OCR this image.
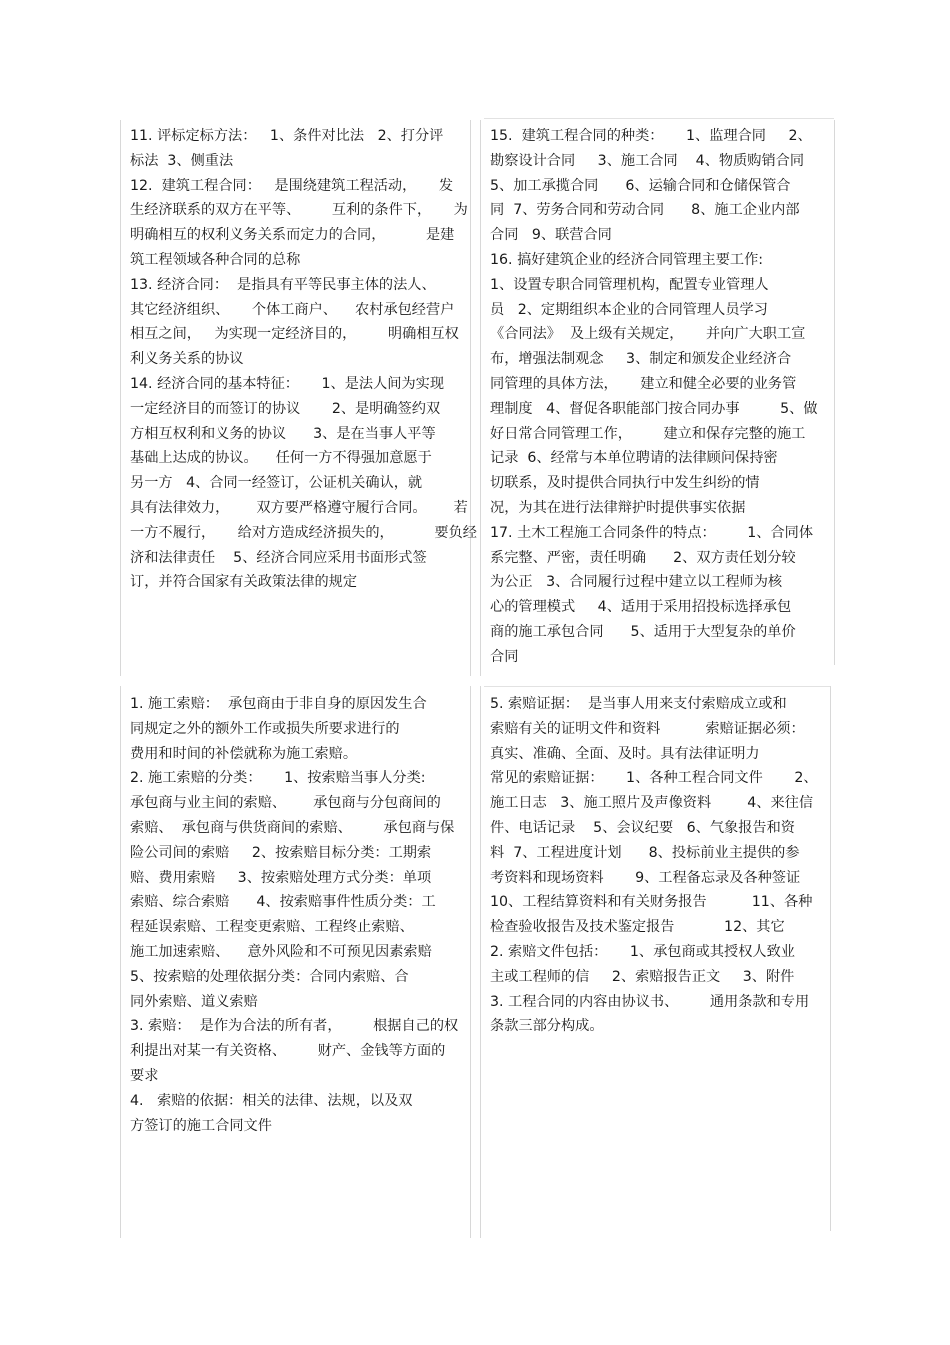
11. 评标定标方法：   1、条件对比法   2、打分评
标法  3、侧重法
12.  建筑工程合同：   是围绕建筑工程活动，     发
生经济联系的双方在平等、       互利的条件下，     为
明确相互的权利义务关系而定力的合同，         是建
筑工程领域各种合同的总称
13. 经济合同：  是指具有平等民事主体的法人、
其它经济组织、     个体工商户、    农村承包经营户
相互之间，   为实现一定经济目的，       明确相互权
利义务关系的协议
14. 经济合同的基本特征：     1、是法人间为实现
一定经济目的而签订的协议       2、是明确签约双
方相互权利和义务的协议      3、是在当事人平等
基础上达成的协议。    任何一方不得强加意愿于
另一方   4、合同一经签订，公证机关确认，就
具有法律效力，      双方要严格遵守履行合同。      若
一方不履行，     给对方造成经济损失的，         要负经
济和法律责任    5、经济合同应采用书面形式签
订，并符合国家有关政策法律的规定
15.  建筑工程合同的种类：     1、监理合同     2、
勘察设计合同     3、施工合同    4、物质购销合同
5、加工承揽合同      6、运输合同和仓储保管合
同  7、劳务合同和劳动合同      8、施工企业内部
合同   9、联营合同
16. 搞好建筑企业的经济合同管理主要工作:
1、设置专职合同管理机构，配置专业管理人
员   2、定期组织本企业的合同管理人员学习
《合同法》  及上级有关规定，     并向广大职工宣
布，增强法制观念     3、制定和颁发企业经济合
同管理的具体方法，     建立和健全必要的业务管
理制度   4、督促各职能部门按合同办事         5、做
好日常合同管理工作，       建立和保存完整的施工
记录  6、经常与本单位聘请的法律顾问保持密
切联系，及时提供合同执行中发生纠纷的情
况，为其在进行法律辩护时提供事实依据
17. 土木工程施工合同条件的特点：       1、合同体
系完整、严密，责任明确      2、双方责任划分较
为公正   3、合同履行过程中建立以工程师为核
心的管理模式     4、适用于采用招投标选择承包
商的施工承包合同      5、适用于大型复杂的单价
合同
1. 施工索赔：  承包商由于非自身的原因发生合
同规定之外的额外工作或损失所要求进行的
费用和时间的补偿就称为施工索赔。
2. 施工索赔的分类：     1、按索赔当事人分类:
承包商与业主间的索赔、      承包商与分包商间的
索赔、  承包商与供货商间的索赔、       承包商与保
险公司间的索赔     2、按索赔目标分类：工期索
赔、费用索赔     3、按索赔处理方式分类：单项
索赔、综合索赔      4、按索赔事件性质分类：工
程延误索赔、工程变更索赔、工程终止索赔、
施工加速索赔、    意外风险和不可预见因素索赔
5、按索赔的处理依据分类：合同内索赔、合
同外索赔、道义索赔
3. 索赔：  是作为合法的所有者，       根据自己的权
利提出对某一有关资格、       财产、金钱等方面的
要求
4.   索赔的依据：相关的法律、法规，以及双
方签订的施工合同文件
5. 索赔证据：  是当事人用来支付索赔成立或和
索赔有关的证明文件和资料          索赔证据必须：
真实、准确、全面、及时。具有法律证明力
常见的索赔证据：     1、各种工程合同文件       2、
施工日志   3、施工照片及声像资料        4、来往信
件、电话记录    5、会议纪要   6、气象报告和资
料  7、工程进度计划      8、投标前业主提供的参
考资料和现场资料       9、工程备忘录及各种签证
10、工程结算资料和有关财务报告          11、各种
检查验收报告及技术鉴定报告           12、其它
2. 索赔文件包括：     1、承包商或其授权人致业
主或工程师的信     2、索赔报告正文     3、附件
3. 工程合同的内容由协议书、       通用条款和专用
条款三部分构成。
